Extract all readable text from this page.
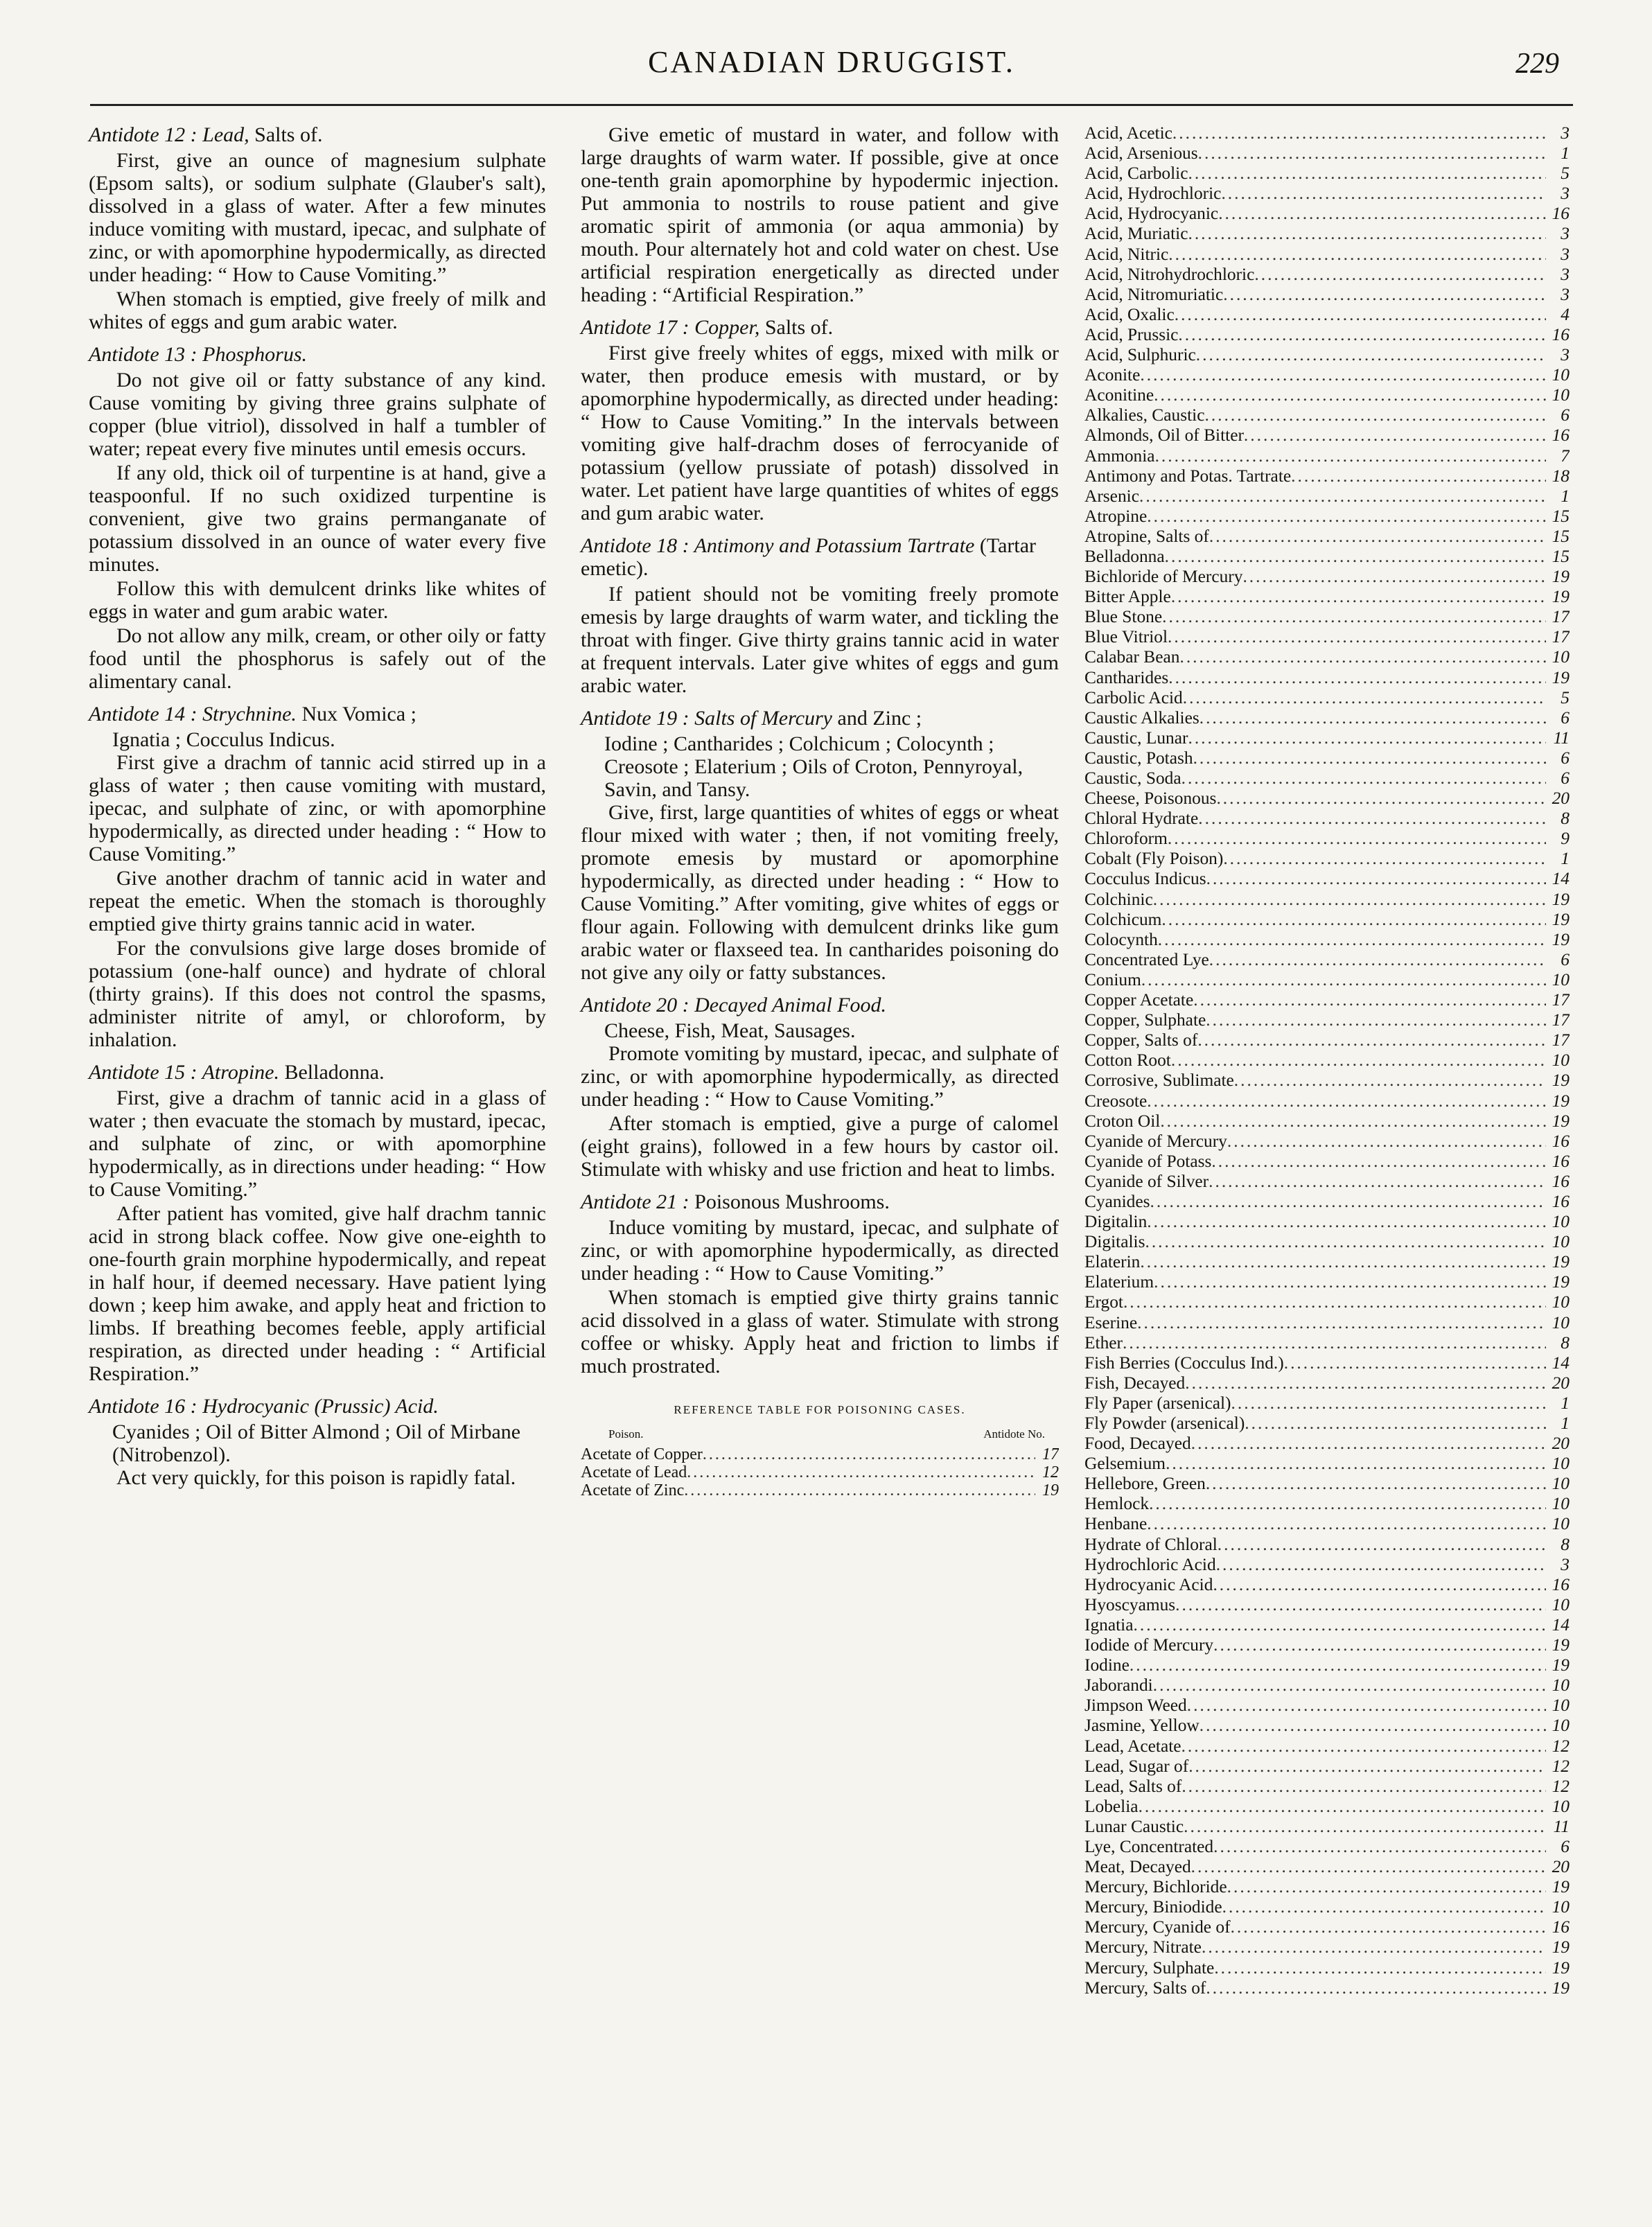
CANADIAN DRUGGIST.	229
Antidote 12 : Lead, Salts of.

First, give an ounce of magnesium sulphate (Epsom salts), or sodium sulphate (Glauber's salt), dissolved in a glass of water. After a few minutes induce vomiting with mustard, ipecac, and sulphate of zinc, or with apomorphine hypodermically, as directed under heading: “ How to Cause Vomiting.”

When stomach is emptied, give freely of milk and whites of eggs and gum arabic water.

Antidote 13 : Phosphorus.

Do not give oil or fatty substance of any kind. Cause vomiting by giving three grains sulphate of copper (blue vitriol), dissolved in half a tumbler of water; repeat every five minutes until emesis occurs.

If any old, thick oil of turpentine is at hand, give a teaspoonful. If no such oxidized turpentine is convenient, give two grains permanganate of potassium dissolved in an ounce of water every five minutes.

Follow this with demulcent drinks like whites of eggs in water and gum arabic water.

Do not allow any milk, cream, or other oily or fatty food until the phosphorus is safely out of the alimentary canal.

Antidote 14 : Strychnine. Nux Vomica ;
Ignatia ; Cocculus Indicus.

First give a drachm of tannic acid stirred up in a glass of water ; then cause vomiting with mustard, ipecac, and sulphate of zinc, or with apomorphine hypodermically, as directed under heading : “ How to Cause Vomiting.”

Give another drachm of tannic acid in water and repeat the emetic. When the stomach is thoroughly emptied give thirty grains tannic acid in water.

For the convulsions give large doses bromide of potassium (one-half ounce) and hydrate of chloral (thirty grains). If this does not control the spasms, administer nitrite of amyl, or chloroform, by inhalation.

Antidote 15 : Atropine. Belladonna.

First, give a drachm of tannic acid in a glass of water ; then evacuate the stomach by mustard, ipecac, and sulphate of zinc, or with apomorphine hypodermically, as in directions under heading: “ How to Cause Vomiting.”

After patient has vomited, give half drachm tannic acid in strong black coffee. Now give one-eighth to one-fourth grain morphine hypodermically, and repeat in half hour, if deemed necessary. Have patient lying down ; keep him awake, and apply heat and friction to limbs. If breathing becomes feeble, apply artificial respiration, as directed under heading : “ Artificial Respiration.”

Antidote 16 : Hydrocyanic (Prussic) Acid.
Cyanides ; Oil of Bitter Almond ; Oil of Mirbane (Nitrobenzol).

Act very quickly, for this poison is rapidly fatal.

Give emetic of mustard in water, and follow with large draughts of warm water. If possible, give at once one-tenth grain apomorphine by hypodermic injection. Put ammonia to nostrils to rouse patient and give aromatic spirit of ammonia (or aqua ammonia) by mouth. Pour alternately hot and cold water on chest. Use artificial respiration energetically as directed under heading : “Artificial Respiration.”

Antidote 17 : Copper, Salts of.

First give freely whites of eggs, mixed with milk or water, then produce emesis with mustard, or by apomorphine hypodermically, as directed under heading: “ How to Cause Vomiting.” In the intervals between vomiting give half-drachm doses of ferrocyanide of potassium (yellow prussiate of potash) dissolved in water. Let patient have large quantities of whites of eggs and gum arabic water.

Antidote 18 : Antimony and Potassium Tartrate (Tartar emetic).

If patient should not be vomiting freely promote emesis by large draughts of warm water, and tickling the throat with finger. Give thirty grains tannic acid in water at frequent intervals. Later give whites of eggs and gum arabic water.

Antidote 19 : Salts of Mercury and Zinc ;
Iodine ; Cantharides ; Colchicum ; Colocynth ; Creosote ; Elaterium ; Oils of Croton, Pennyroyal, Savin, and Tansy.

Give, first, large quantities of whites of eggs or wheat flour mixed with water ; then, if not vomiting freely, promote emesis by mustard or apomorphine hypodermically, as directed under heading : “ How to Cause Vomiting.” After vomiting, give whites of eggs or flour again. Following with demulcent drinks like gum arabic water or flaxseed tea. In cantharides poisoning do not give any oily or fatty substances.

Antidote 20 : Decayed Animal Food.
Cheese, Fish, Meat, Sausages.

Promote vomiting by mustard, ipecac, and sulphate of zinc, or with apomorphine hypodermically, as directed under heading : “ How to Cause Vomiting.”

After stomach is emptied, give a purge of calomel (eight grains), followed in a few hours by castor oil. Stimulate with whisky and use friction and heat to limbs.

Antidote 21 : Poisonous Mushrooms.

Induce vomiting by mustard, ipecac, and sulphate of zinc, or with apomorphine hypodermically, as directed under heading : “ How to Cause Vomiting.”

When stomach is emptied give thirty grains tannic acid dissolved in a glass of water. Stimulate with strong coffee or whisky. Apply heat and friction to limbs if much prostrated.

REFERENCE TABLE FOR POISONING CASES.
Poison.	Antidote No.
Acetate of Copper .....	17
Acetate of Lead .....	12
Acetate of Zinc .....	19
Acid, Acetic .....	3
Acid, Arsenious .....	1
Acid, Carbolic .....	5
Acid, Hydrochloric .....	3
Acid, Hydrocyanic .....	16
Acid, Muriatic .....	3
Acid, Nitric .....	3
Acid, Nitrohydrochloric .....	3
Acid, Nitromuriatic .....	3
Acid, Oxalic .....	4
Acid, Prussic .....	16
Acid, Sulphuric .....	3
Aconite .....	10
Aconitine .....	10
Alkalies, Caustic .....	6
Almonds, Oil of Bitter .....	16
Ammonia .....	7
Antimony and Potas. Tartrate .....	18
Arsenic .....	1
Atropine .....	15
Atropine, Salts of .....	15
Belladonna .....	15
Bichloride of Mercury .....	19
Bitter Apple .....	19
Blue Stone .....	17
Blue Vitriol .....	17
Calabar Bean .....	10
Cantharides .....	19
Carbolic Acid .....	5
Caustic Alkalies .....	6
Caustic, Lunar .....	11
Caustic, Potash .....	6
Caustic, Soda .....	6
Cheese, Poisonous .....	20
Chloral Hydrate .....	8
Chloroform .....	9
Cobalt (Fly Poison) .....	1
Cocculus Indicus .....	14
Colchinic .....	19
Colchicum .....	19
Colocynth .....	19
Concentrated Lye .....	6
Conium .....	10
Copper Acetate .....	17
Copper, Sulphate .....	17
Copper, Salts of .....	17
Cotton Root .....	10
Corrosive, Sublimate .....	19
Creosote .....	19
Croton Oil .....	19
Cyanide of Mercury .....	16
Cyanide of Potass .....	16
Cyanide of Silver .....	16
Cyanides .....	16
Digitalin .....	10
Digitalis .....	10
Elaterin .....	19
Elaterium .....	19
Ergot .....	10
Eserine .....	10
Ether .....	8
Fish Berries (Cocculus Ind.) .....	14
Fish, Decayed .....	20
Fly Paper (arsenical) .....	1
Fly Powder (arsenical) .....	1
Food, Decayed .....	20
Gelsemium .....	10
Hellebore, Green .....	10
Hemlock .....	10
Henbane .....	10
Hydrate of Chloral .....	8
Hydrochloric Acid .....	3
Hydrocyanic Acid .....	16
Hyoscyamus .....	10
Ignatia .....	14
Iodide of Mercury .....	19
Iodine .....	19
Jaborandi .....	10
Jimpson Weed .....	10
Jasmine, Yellow .....	10
Lead, Acetate .....	12
Lead, Sugar of .....	12
Lead, Salts of .....	12
Lobelia .....	10
Lunar Caustic .....	11
Lye, Concentrated .....	6
Meat, Decayed .....	20
Mercury, Bichloride .....	19
Mercury, Biniodide .....	10
Mercury, Cyanide of .....	16
Mercury, Nitrate .....	19
Mercury, Sulphate .....	19
Mercury, Salts of .....	19
